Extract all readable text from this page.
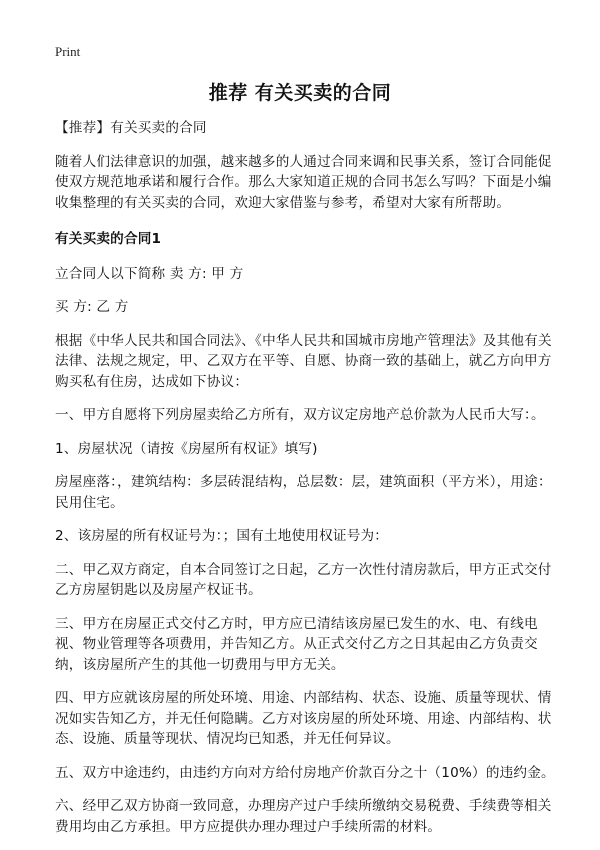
Print
推荐 有关买卖的合同

【推荐】有关买卖的合同

随着人们法律意识的加强，越来越多的人通过合同来调和民事关系，签订合同能促使双方规范地承诺和履行合作。那么大家知道正规的合同书怎么写吗？下面是小编收集整理的有关买卖的合同，欢迎大家借鉴与参考，希望对大家有所帮助。

有关买卖的合同1

立合同人以下简称 卖 方: 甲 方

买 方: 乙 方

根据《中华人民共和国合同法》、《中华人民共和国城市房地产管理法》及其他有关法律、法规之规定，甲、乙双方在平等、自愿、协商一致的基础上，就乙方向甲方购买私有住房，达成如下协议：

一、甲方自愿将下列房屋卖给乙方所有，双方议定房地产总价款为人民币大写：。

1、房屋状况（请按《房屋所有权证》填写)

房屋座落：，建筑结构：多层砖混结构，总层数：层，建筑面积（平方米），用途： 民用住宅。

2、该房屋的所有权证号为：；国有土地使用权证号为：

二、甲乙双方商定，自本合同签订之日起，乙方一次性付清房款后，甲方正式交付乙方房屋钥匙以及房屋产权证书。

三、甲方在房屋正式交付乙方时，甲方应已清结该房屋已发生的水、电、有线电视、物业管理等各项费用，并告知乙方。从正式交付乙方之日其起由乙方负责交纳，该房屋所产生的其他一切费用与甲方无关。

四、甲方应就该房屋的所处环境、用途、内部结构、状态、设施、质量等现状、情况如实告知乙方，并无任何隐瞒。乙方对该房屋的所处环境、用途、内部结构、状态、设施、质量等现状、情况均已知悉，并无任何异议。

五、双方中途违约，由违约方向对方给付房地产价款百分之十（10%）的违约金。

六、经甲乙双方协商一致同意，办理房产过户手续所缴纳交易税费、手续费等相关费用均由乙方承担。甲方应提供办理办理过户手续所需的材料。
